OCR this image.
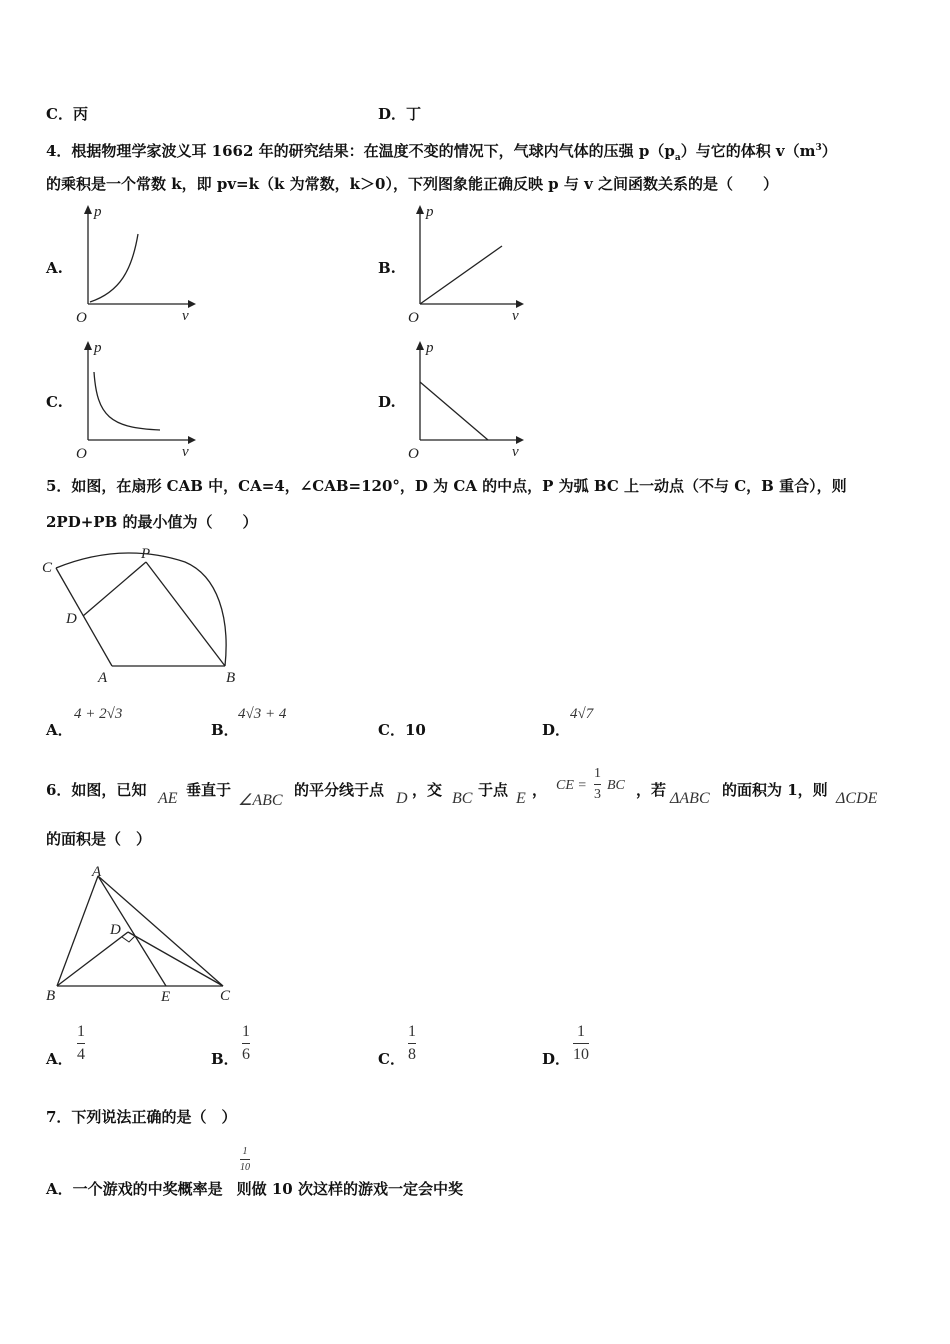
C．丙	D．丁
4．根据物理学家波义耳 1662 年的研究结果：在温度不变的情况下，气球内气体的压强 $p(p_a)$与它的体积 $v(m^3)$
的乘积是一个常数 k，即 pv=k（k 为常数，k＞0），下列图象能正确反映 p 与 v 之间函数关系的是（　　）
A.	B.
C.	D.
p
v
O
p
v
O
p
v
O
p
v
O
5．如图，在扇形 CAB 中，CA=4，∠CAB=120°，D 为 CA 的中点，P 为弧 BC 上一动点（不与 C，B 重合），则
2PD+PB 的最小值为（　　）
C
P
D
A	B
A．
4 + 2√3
B．
4√3 + 4
C．10	D．
4√7
6．如图，已知 AE 垂直于
∠ABC
的平分线于点 D ，交 BC 于点 E ， CE =
1
3
BC ，若 ΔABC 的面积为 1，则 ΔCDE
的面积是（　）
A
B	C
D
E
A．
1
4	B．
1
6	C．
1
8	D．
1
10
7．下列说法正确的是（　）
1
10
A．一个游戏的中奖概率是 则做 10 次这样的游戏一定会中奖
